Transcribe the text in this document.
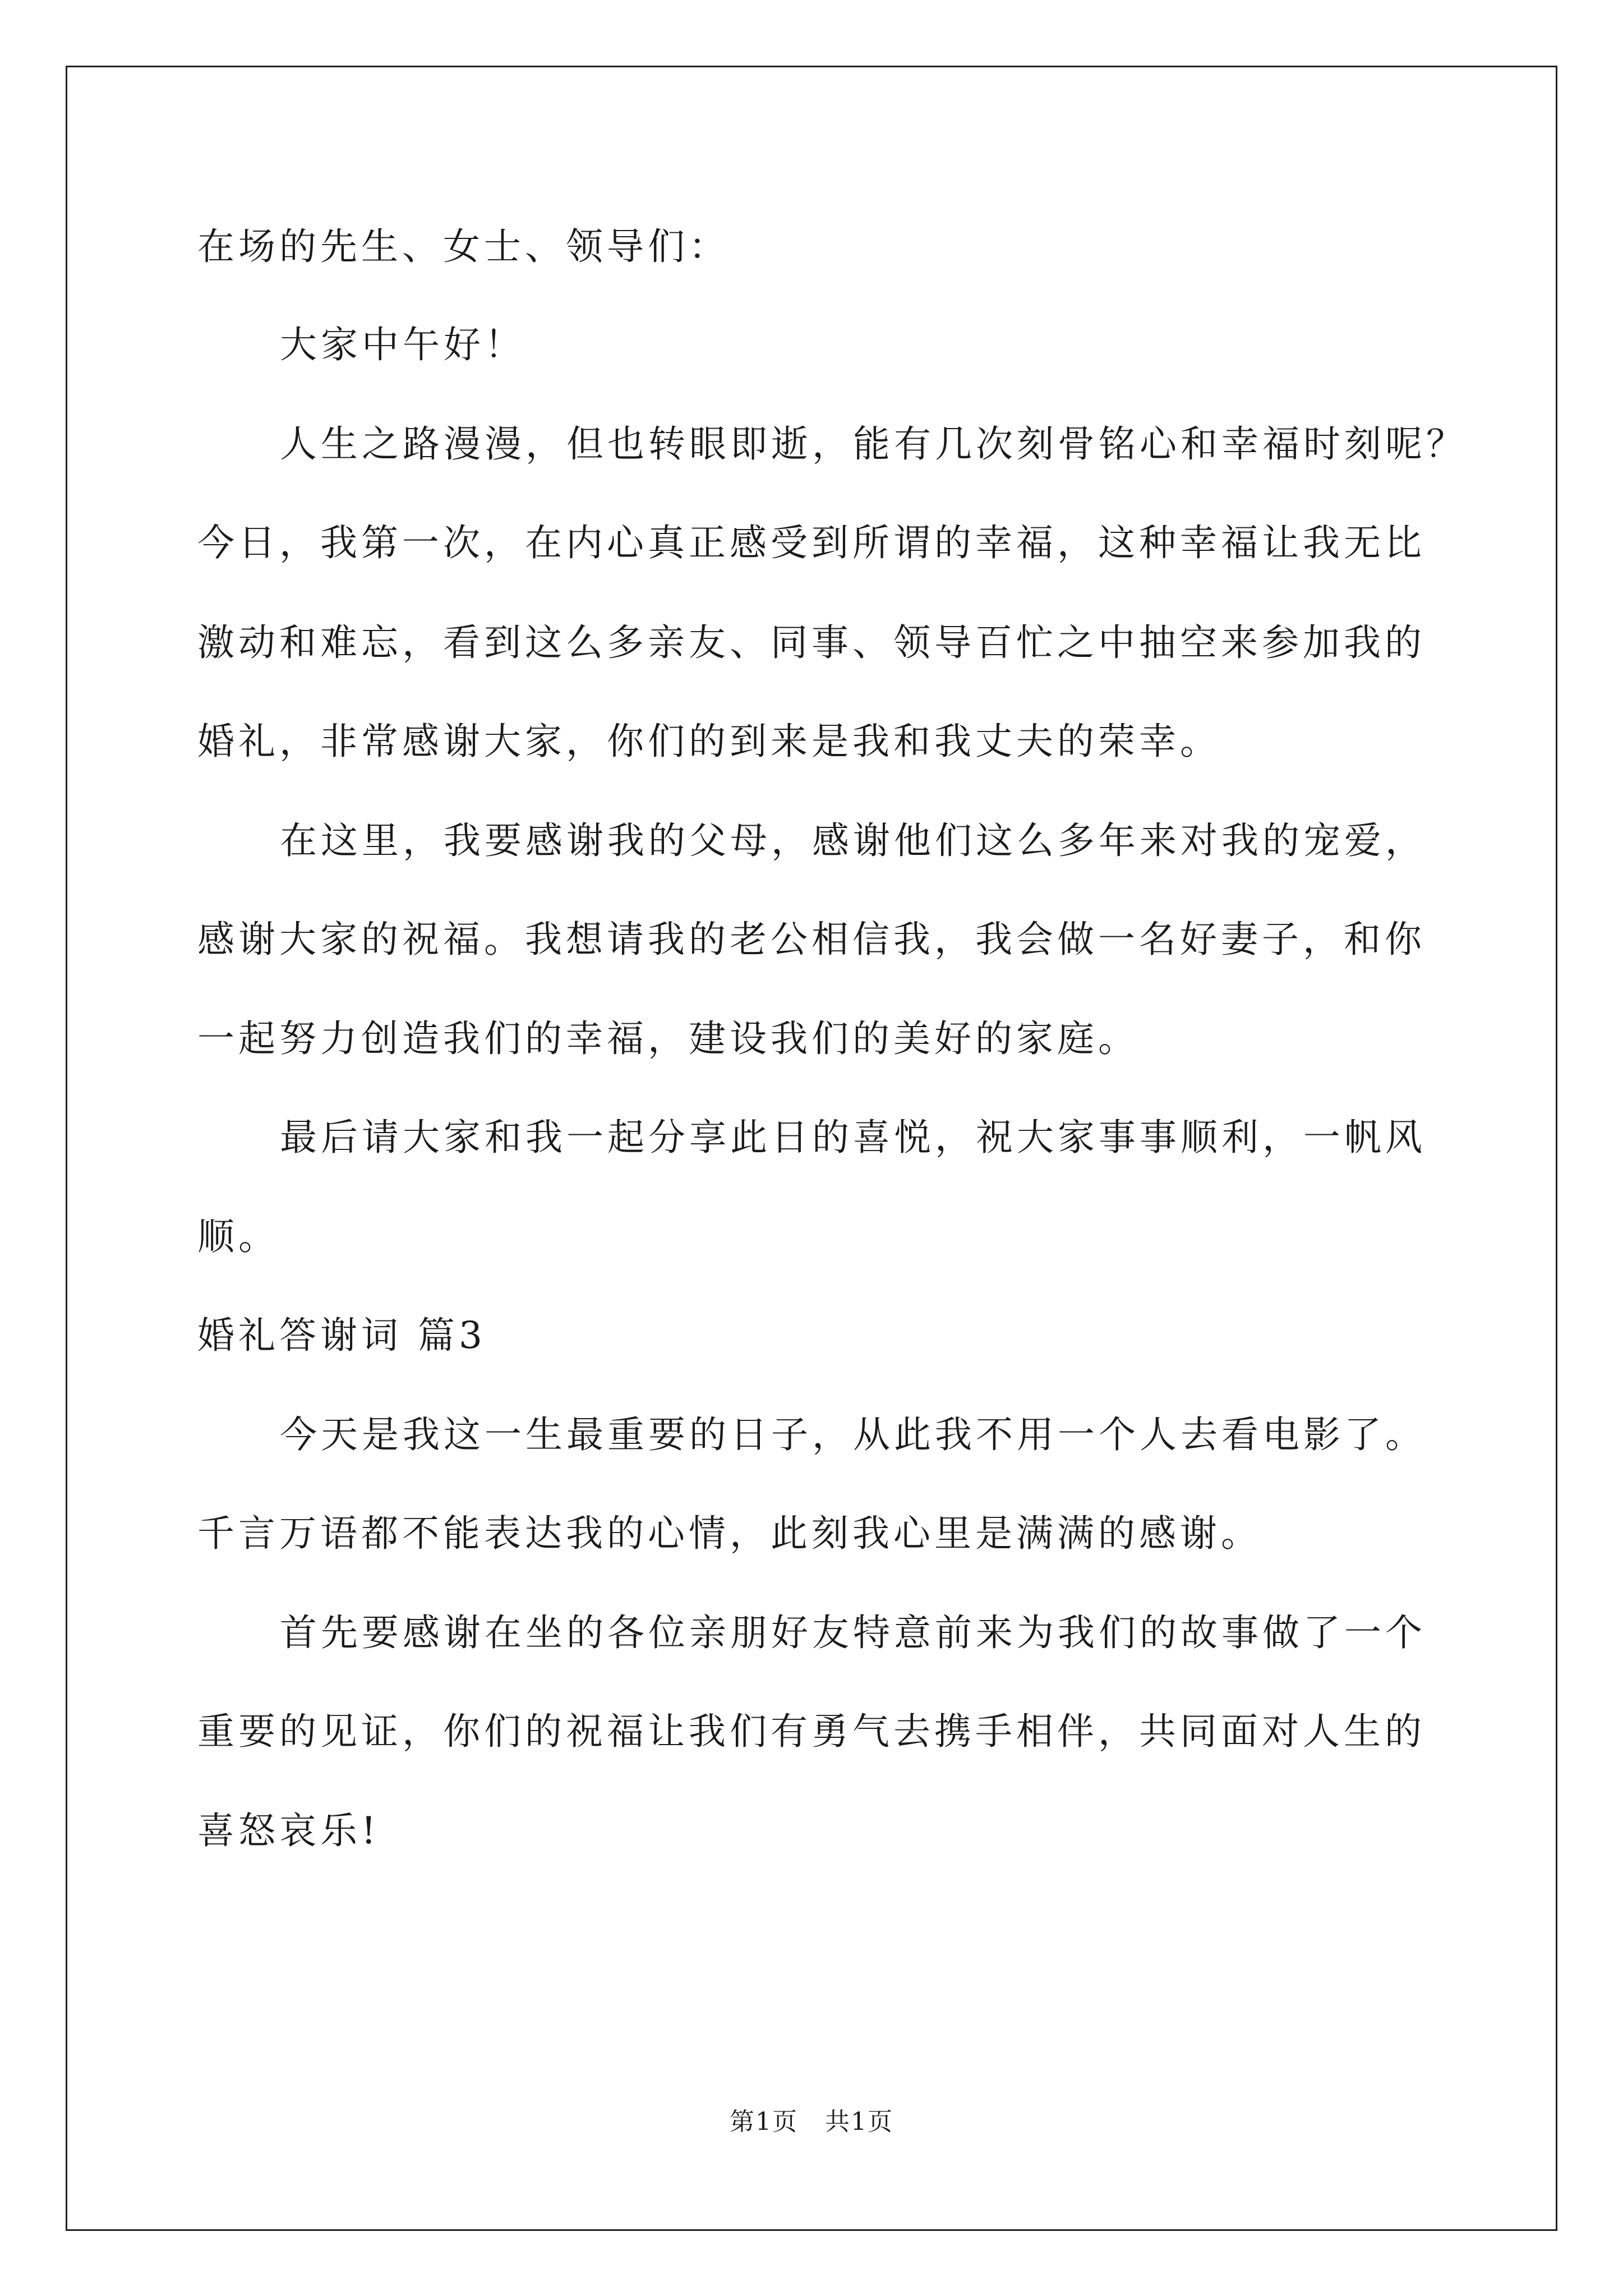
在场的先生、女士、领导们：
大家中午好！
人生之路漫漫，但也转眼即逝，能有几次刻骨铭心和幸福时刻呢？
今日，我第一次，在内心真正感受到所谓的幸福，这种幸福让我无比
激动和难忘，看到这么多亲友、同事、领导百忙之中抽空来参加我的
婚礼，非常感谢大家，你们的到来是我和我丈夫的荣幸。
在这里，我要感谢我的父母，感谢他们这么多年来对我的宠爱，
感谢大家的祝福。我想请我的老公相信我，我会做一名好妻子，和你
一起努力创造我们的幸福，建设我们的美好的家庭。
最后请大家和我一起分享此日的喜悦，祝大家事事顺利，一帆风
顺。
婚礼答谢词 篇3
今天是我这一生最重要的日子，从此我不用一个人去看电影了。
千言万语都不能表达我的心情，此刻我心里是满满的感谢。
首先要感谢在坐的各位亲朋好友特意前来为我们的故事做了一个
重要的见证，你们的祝福让我们有勇气去携手相伴，共同面对人生的
喜怒哀乐!
第1页 共1页
